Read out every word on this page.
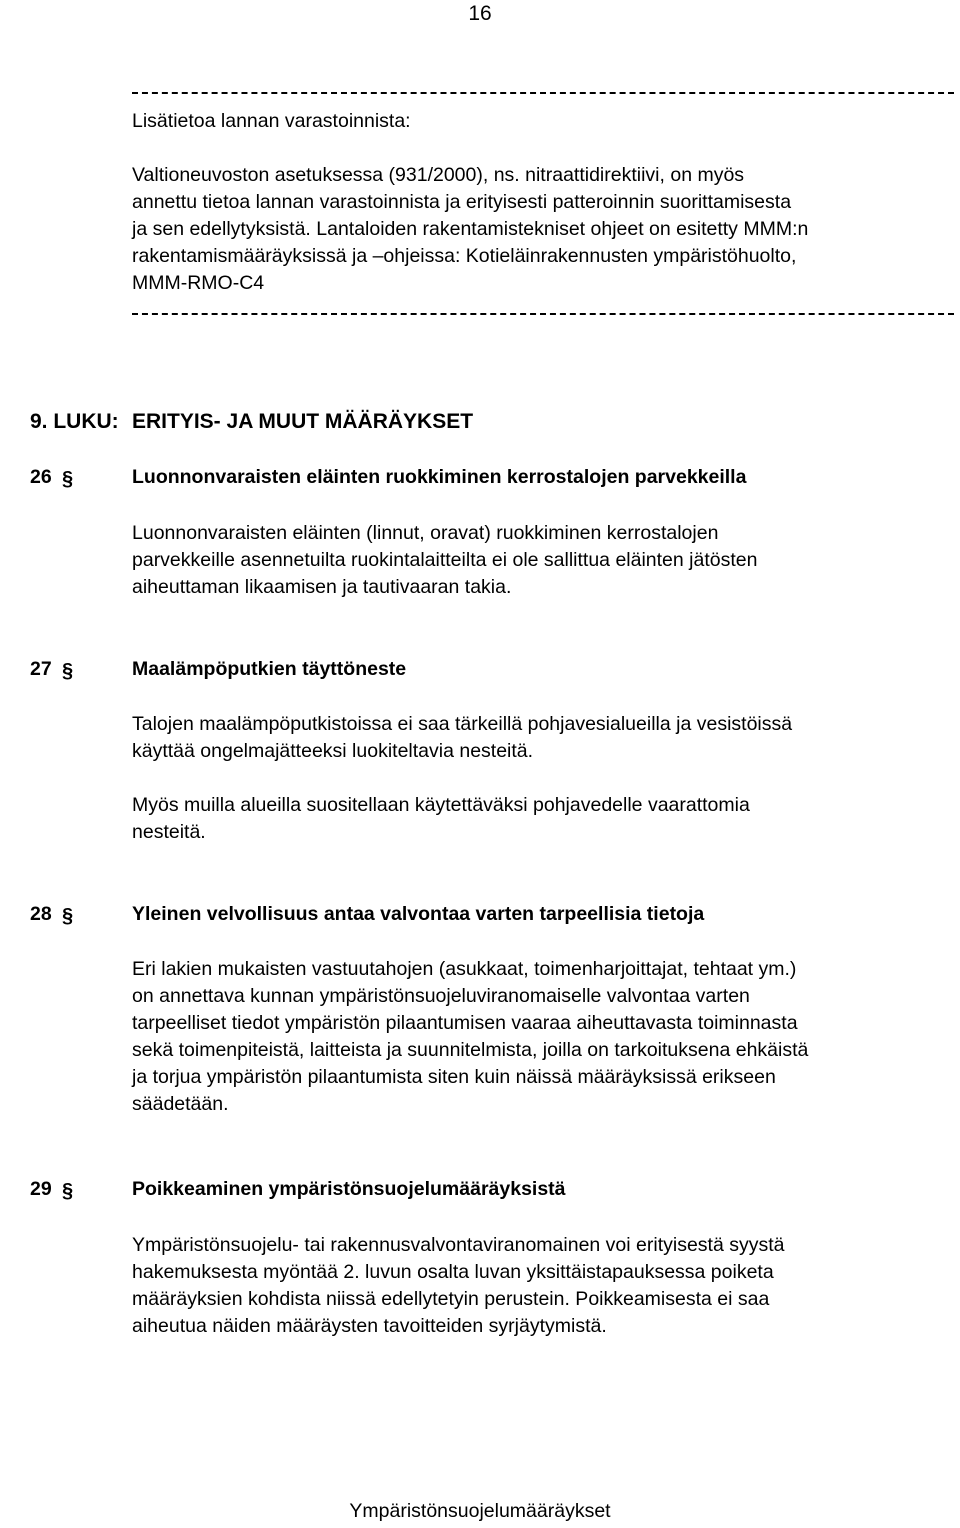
16
Lisätietoa lannan varastoinnista:
Valtioneuvoston asetuksessa (931/2000), ns. nitraattidirektiivi, on myös
annettu tietoa lannan varastoinnista ja erityisesti patteroinnin suorittamisesta
ja sen edellytyksistä. Lantaloiden rakentamistekniset ohjeet on esitetty MMM:n
rakentamismääräyksissä ja –ohjeissa: Kotieläinrakennusten ympäristöhuolto,
MMM-RMO-C4
9. LUKU: ERITYIS- JA MUUT MÄÄRÄYKSET
26 §	Luonnonvaraisten eläinten ruokkiminen kerrostalojen parvekkeilla
Luonnonvaraisten eläinten (linnut, oravat) ruokkiminen kerrostalojen
parvekkeille asennetuilta ruokintalaitteilta ei ole sallittua eläinten jätösten
aiheuttaman likaamisen ja tautivaaran takia.
27 §	Maalämpöputkien täyttöneste
Talojen maalämpöputkistoissa ei saa tärkeillä pohjavesialueilla ja vesistöissä
käyttää ongelmajätteeksi luokiteltavia nesteitä.
Myös muilla alueilla suositellaan käytettäväksi pohjavedelle vaarattomia
nesteitä.
28 §	Yleinen velvollisuus antaa valvontaa varten tarpeellisia tietoja
Eri lakien mukaisten vastuutahojen (asukkaat, toimenharjoittajat, tehtaat ym.)
on annettava kunnan ympäristönsuojeluviranomaiselle valvontaa varten
tarpeelliset tiedot ympäristön pilaantumisen vaaraa aiheuttavasta toiminnasta
sekä toimenpiteistä, laitteista ja suunnitelmista, joilla on tarkoituksena ehkäistä
ja torjua ympäristön pilaantumista siten kuin näissä määräyksissä erikseen
säädetään.
29 §	Poikkeaminen ympäristönsuojelumääräyksistä
Ympäristönsuojelu- tai rakennusvalvontaviranomainen voi erityisestä syystä
hakemuksesta myöntää 2. luvun osalta luvan yksittäistapauksessa poiketa
määräyksien kohdista niissä edellytetyin perustein. Poikkeamisesta ei saa
aiheutua näiden määräysten tavoitteiden syrjäytymistä.
Ympäristönsuojelumääräykset
